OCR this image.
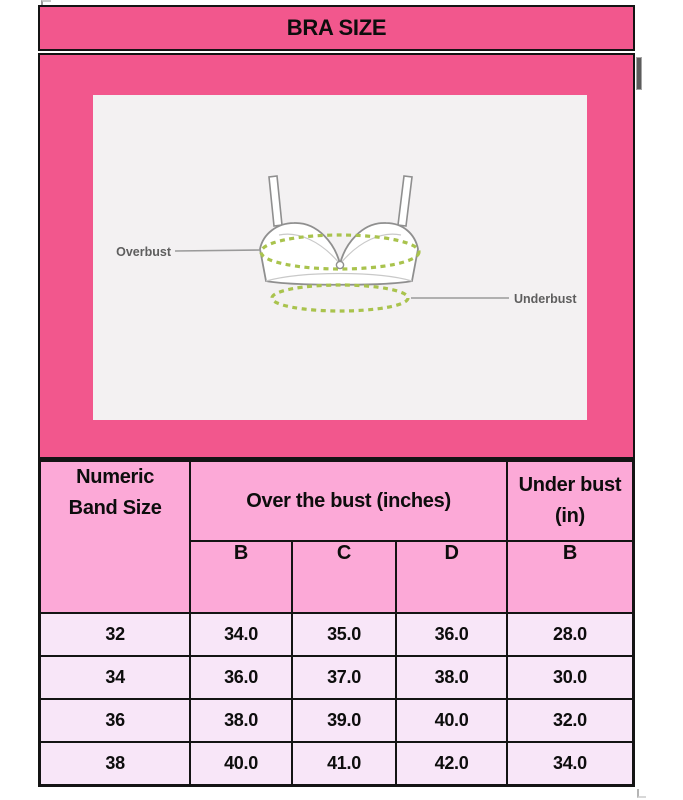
BRA SIZE
Overbust
Underbust
Numeric
Band Size	Over the bust (inches)	
Under bust
(in)

	B	C	D	B
32	34.0	35.0	36.0	28.0
34	36.0	37.0	38.0	30.0
36	38.0	39.0	40.0	32.0
38	40.0	41.0	42.0	34.0
